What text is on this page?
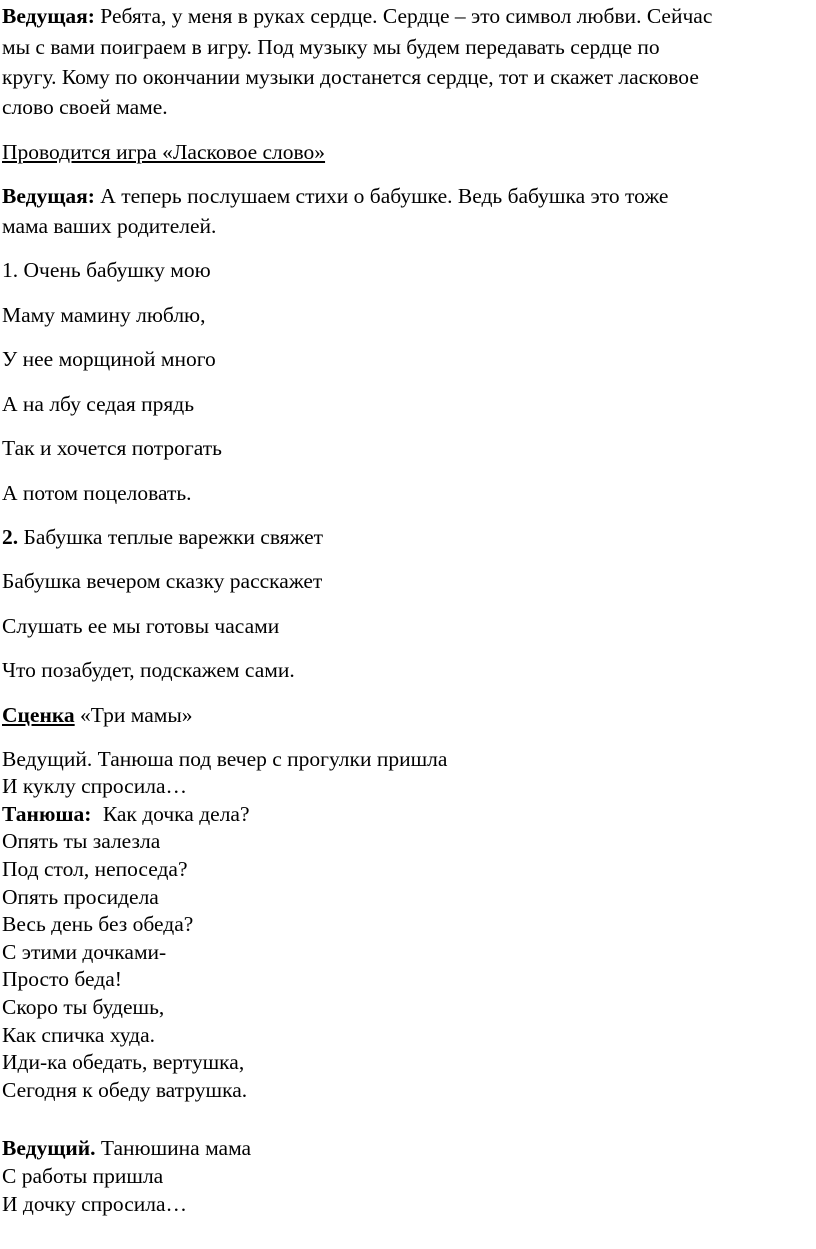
Ведущая: Ребята, у меня в руках сердце. Сердце – это символ любви. Сейчас
мы с вами поиграем в игру. Под музыку мы будем передавать сердце по
кругу. Кому по окончании музыки достанется сердце, тот и скажет ласковое
слово своей маме.
Проводится игра «Ласковое слово»
Ведущая: А теперь послушаем стихи о бабушке. Ведь бабушка это тоже
мама ваших родителей.
1. Очень бабушку мою
Маму мамину люблю,
У нее морщиной много
А на лбу седая прядь
Так и хочется потрогать
А потом поцеловать.
2. Бабушка теплые варежки свяжет
Бабушка вечером сказку расскажет
Слушать ее мы готовы часами
Что позабудет, подскажем сами.
Сценка «Три мамы»
Ведущий. Танюша под вечер с прогулки пришла
И куклу спросила…
Танюша: Как дочка дела?
Опять ты залезла
Под стол, непоседа?
Опять просидела
Весь день без обеда?
С этими дочками-
Просто беда!
Скоро ты будешь,
Как спичка худа.
Иди-ка обедать, вертушка,
Сегодня к обеду ватрушка.
Ведущий. Танюшина мама
С работы пришла
И дочку спросила…
